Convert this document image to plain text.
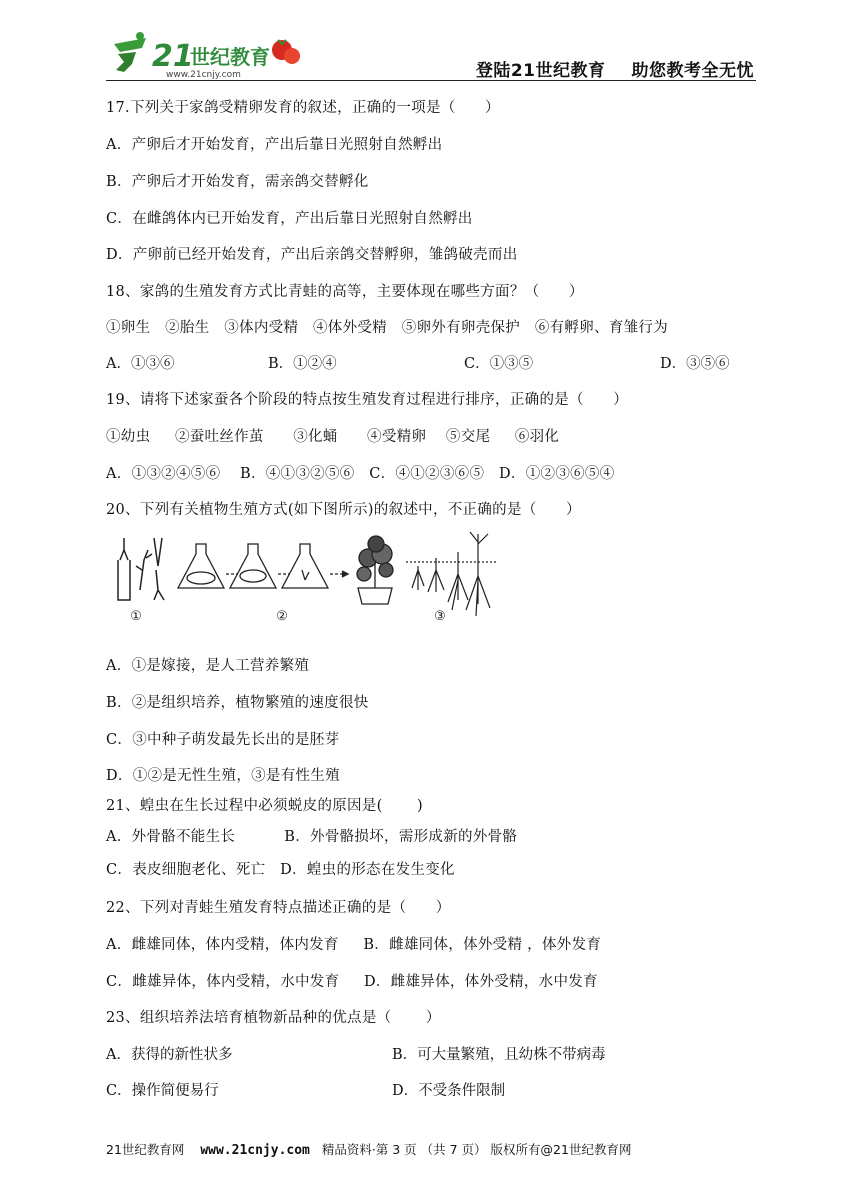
21
世纪教育
www.21cnjy.com	登陆21世纪教育 助您教考全无忧
17.下列关于家鸽受精卵发育的叙述，正确的一项是（      ）
A．产卵后才开始发育，产出后靠日光照射自然孵出
B．产卵后才开始发育，需亲鸽交替孵化
C．在雌鸽体内已开始发育，产出后靠日光照射自然孵出
D．产卵前已经开始发育，产出后亲鸽交替孵卵，雏鸽破壳而出
18、家鸽的生殖发育方式比青蛙的高等，主要体现在哪些方面？（      ）
①卵生   ②胎生   ③体内受精   ④体外受精   ⑤卵外有卵壳保护   ⑥有孵卵、育雏行为
A．①③⑥	B．①②④	C．①③⑤	D．③⑤⑥
19、请将下述家蚕各个阶段的特点按生殖发育过程进行排序，正确的是（      ）
①幼虫     ②蚕吐丝作茧      ③化蛹      ④受精卵    ⑤交尾     ⑥羽化
A．①③②④⑤⑥    B．④①③②⑤⑥   C．④①②③⑥⑤   D．①②③⑥⑤④
20、下列有关植物生殖方式(如下图所示)的叙述中，不正确的是（      ）
①	②	③
A．①是嫁接，是人工营养繁殖
B．②是组织培养，植物繁殖的速度很快
C．③中种子萌发最先长出的是胚芽
D．①②是无性生殖，③是有性生殖
21、蝗虫在生长过程中必须蜕皮的原因是(       )
A．外骨骼不能生长          B．外骨骼损坏，需形成新的外骨骼
C．表皮细胞老化、死亡   D．蝗虫的形态在发生变化
22、下列对青蛙生殖发育特点描述正确的是（      ）
A．雌雄同体，体内受精，体内发育     B．雌雄同体，体外受精 ，体外发育
C．雌雄异体，体内受精，水中发育     D．雌雄异体，体外受精，水中发育
23、组织培养法培育植物新品种的优点是（       ）
A．获得的新性状多	B．可大量繁殖，且幼株不带病毒
C．操作简便易行	D．不受条件限制
21世纪教育网 www.21cnjy.com 精品资料·第 3 页 （共 7 页） 版权所有@21世纪教育网
